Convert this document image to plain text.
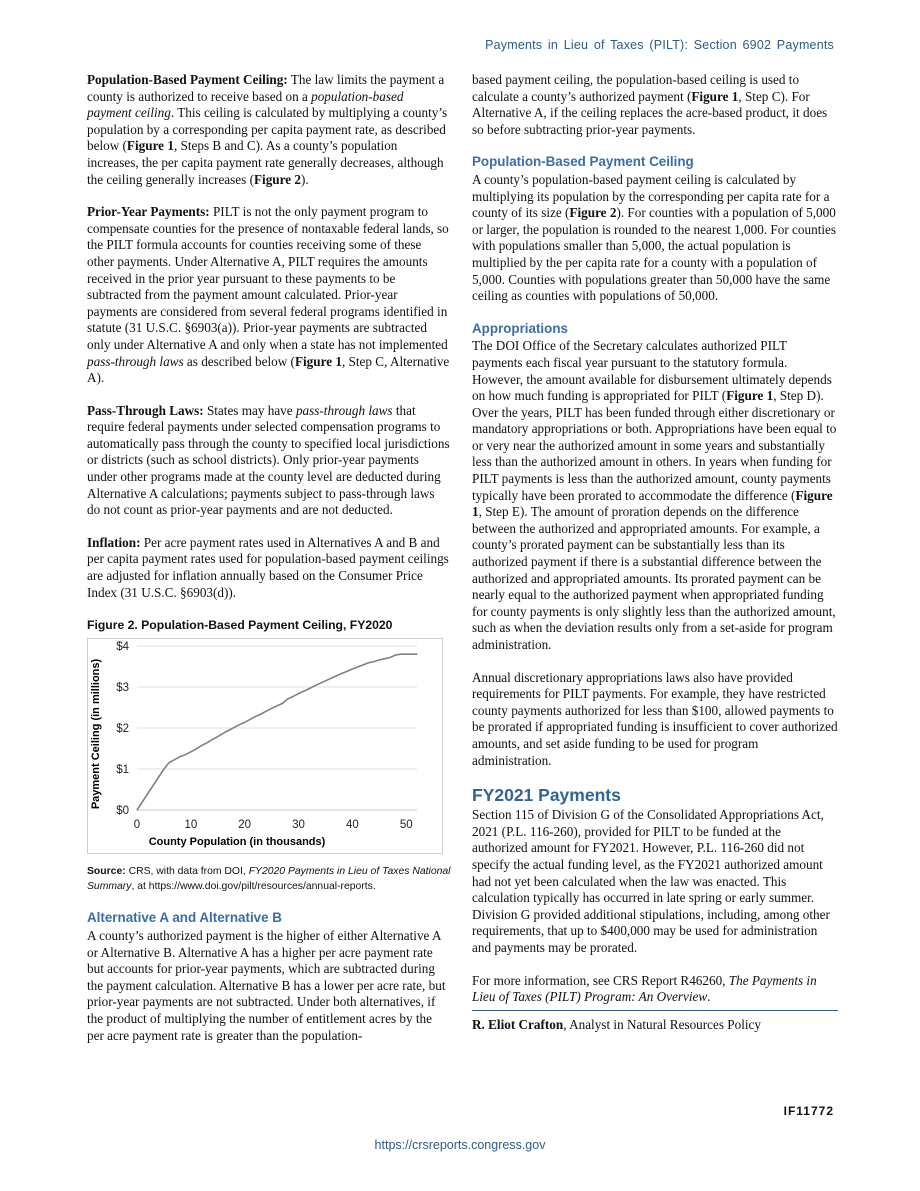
Payments in Lieu of Taxes (PILT): Section 6902 Payments

Population-Based Payment Ceiling: The law limits the payment a county is authorized to receive based on a population-based payment ceiling. This ceiling is calculated by multiplying a county’s population by a corresponding per capita payment rate, as described below (Figure 1, Steps B and C). As a county’s population increases, the per capita payment rate generally decreases, although the ceiling generally increases (Figure 2).

Prior-Year Payments: PILT is not the only payment program to compensate counties for the presence of nontaxable federal lands, so the PILT formula accounts for counties receiving some of these other payments. Under Alternative A, PILT requires the amounts received in the prior year pursuant to these payments to be subtracted from the payment amount calculated. Prior-year payments are considered from several federal programs identified in statute (31 U.S.C. §6903(a)). Prior-year payments are subtracted only under Alternative A and only when a state has not implemented pass-through laws as described below (Figure 1, Step C, Alternative A).

Pass-Through Laws: States may have pass-through laws that require federal payments under selected compensation programs to automatically pass through the county to specified local jurisdictions or districts (such as school districts). Only prior-year payments under other programs made at the county level are deducted during Alternative A calculations; payments subject to pass-through laws do not count as prior-year payments and are not deducted.

Inflation: Per acre payment rates used in Alternatives A and B and per capita payment rates used for population-based payment ceilings are adjusted for inflation annually based on the Consumer Price Index (31 U.S.C. §6903(d)).

Figure 2. Population-Based Payment Ceiling, FY2020
$0
$1
$2
$3
$4
0	10	20	30	40	50
County Population (in thousands)
Payment Ceiling (in millions)
Source: CRS, with data from DOI, FY2020 Payments in Lieu of Taxes National Summary, at https://www.doi.gov/pilt/resources/annual-reports.
Alternative A and Alternative B

A county’s authorized payment is the higher of either Alternative A or Alternative B. Alternative A has a higher per acre payment rate but accounts for prior-year payments, which are subtracted during the payment calculation. Alternative B has a lower per acre rate, but prior-year payments are not subtracted. Under both alternatives, if the product of multiplying the number of entitlement acres by the per acre payment rate is greater than the population-

based payment ceiling, the population-based ceiling is used to calculate a county’s authorized payment (Figure 1, Step C). For Alternative A, if the ceiling replaces the acre-based product, it does so before subtracting prior-year payments.

Population-Based Payment Ceiling

A county’s population-based payment ceiling is calculated by multiplying its population by the corresponding per capita rate for a county of its size (Figure 2). For counties with a population of 5,000 or larger, the population is rounded to the nearest 1,000. For counties with populations smaller than 5,000, the actual population is multiplied by the per capita rate for a county with a population of 5,000. Counties with populations greater than 50,000 have the same ceiling as counties with populations of 50,000.

Appropriations

The DOI Office of the Secretary calculates authorized PILT payments each fiscal year pursuant to the statutory formula. However, the amount available for disbursement ultimately depends on how much funding is appropriated for PILT (Figure 1, Step D). Over the years, PILT has been funded through either discretionary or mandatory appropriations or both. Appropriations have been equal to or very near the authorized amount in some years and substantially less than the authorized amount in others. In years when funding for PILT payments is less than the authorized amount, county payments typically have been prorated to accommodate the difference (Figure 1, Step E). The amount of proration depends on the difference between the authorized and appropriated amounts. For example, a county’s prorated payment can be substantially less than its authorized payment if there is a substantial difference between the authorized and appropriated amounts. Its prorated payment can be nearly equal to the authorized payment when appropriated funding for county payments is only slightly less than the authorized amount, such as when the deviation results only from a set-aside for program administration.

Annual discretionary appropriations laws also have provided requirements for PILT payments. For example, they have restricted county payments authorized for less than $100, allowed payments to be prorated if appropriated funding is insufficient to cover authorized amounts, and set aside funding to be used for program administration.

FY2021 Payments

Section 115 of Division G of the Consolidated Appropriations Act, 2021 (P.L. 116-260), provided for PILT to be funded at the authorized amount for FY2021. However, P.L. 116-260 did not specify the actual funding level, as the FY2021 authorized amount had not yet been calculated when the law was enacted. This calculation typically has occurred in late spring or early summer. Division G provided additional stipulations, including, among other requirements, that up to $400,000 may be used for administration and payments may be prorated.

For more information, see CRS Report R46260, The Payments in Lieu of Taxes (PILT) Program: An Overview.

R. Eliot Crafton, Analyst in Natural Resources Policy
IF11772
https://crsreports.congress.gov
